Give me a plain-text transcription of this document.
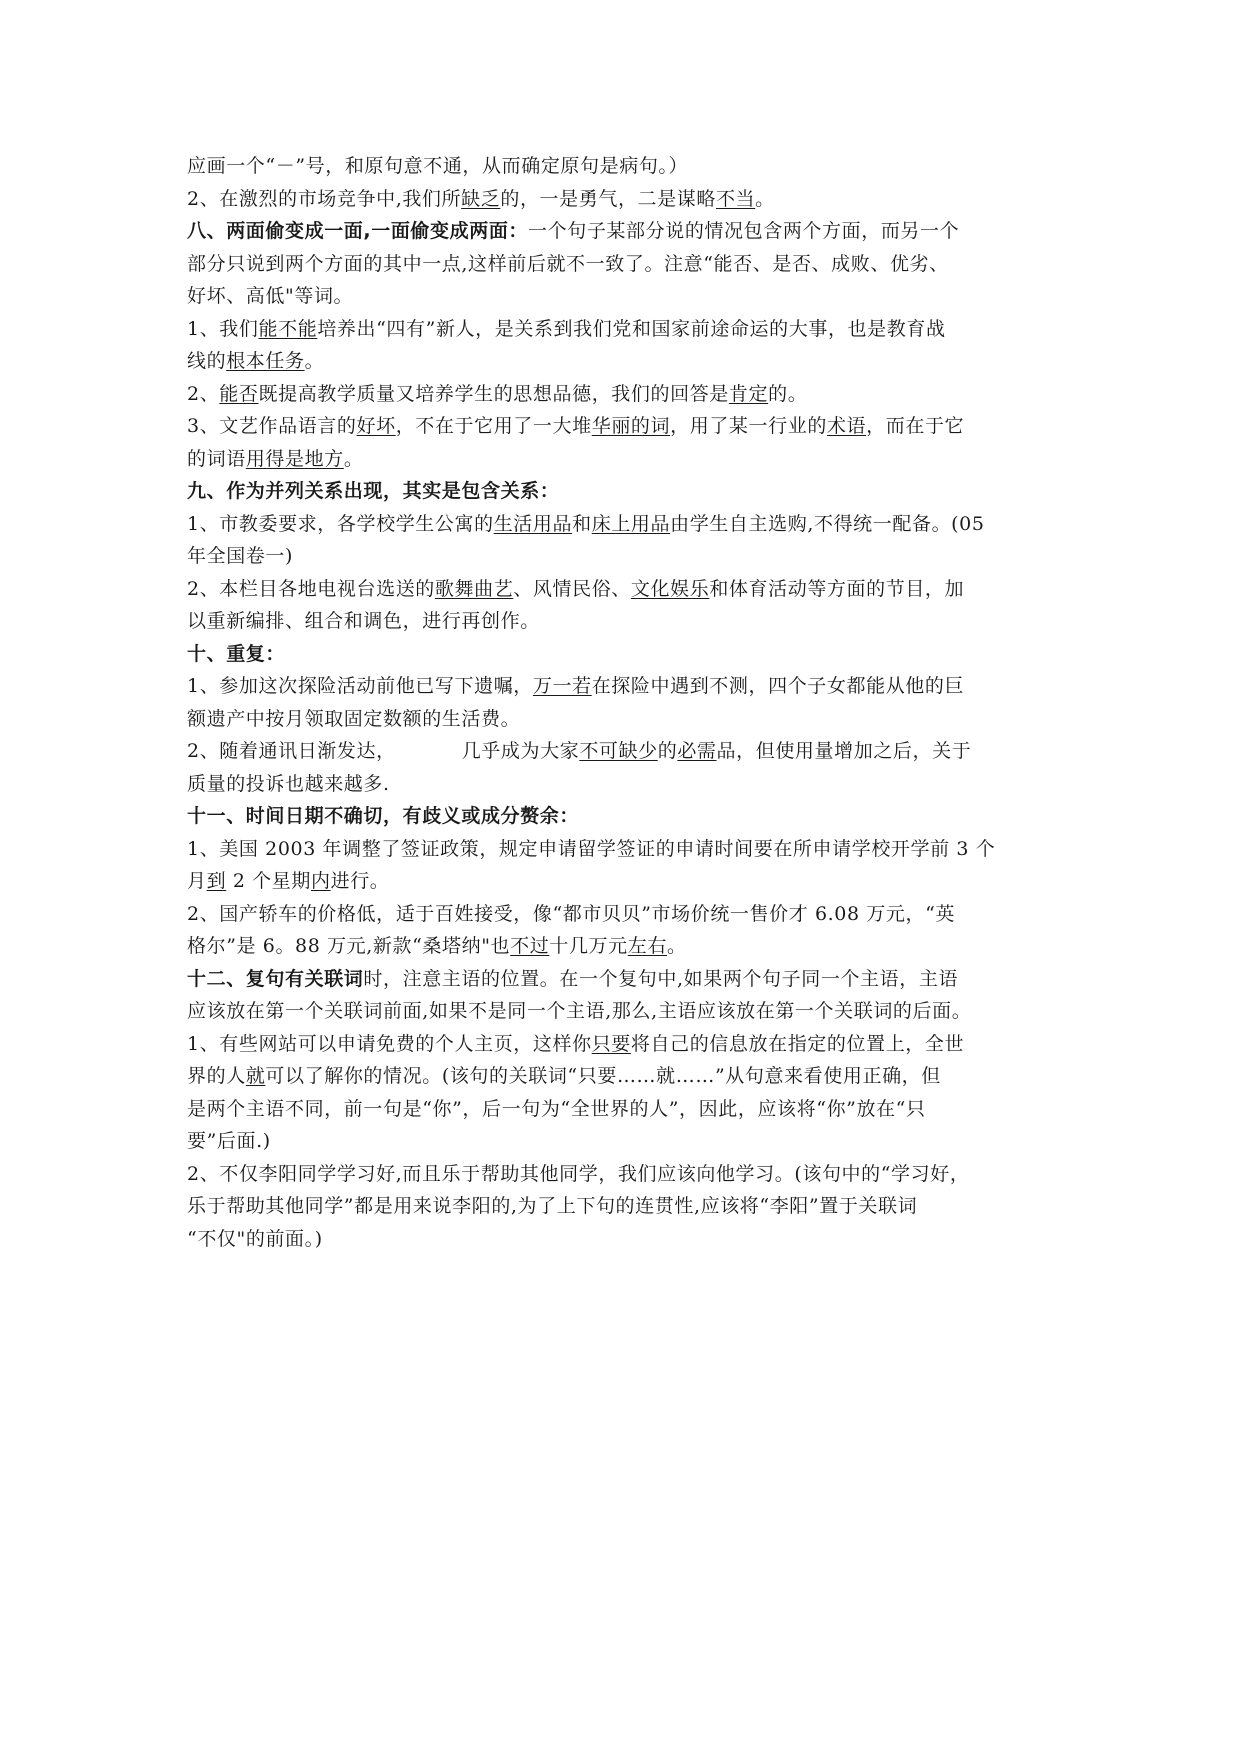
应画一个“－”号，和原句意不通，从而确定原句是病句。）
2、在激烈的市场竞争中,我们所缺乏的，一是勇气，二是谋略不当。
八、两面偷变成一面,一面偷变成两面：一个句子某部分说的情况包含两个方面，而另一个
部分只说到两个方面的其中一点,这样前后就不一致了。注意“能否、是否、成败、优劣、
好坏、高低"等词。
1、我们能不能培养出“四有”新人，是关系到我们党和国家前途命运的大事，也是教育战
线的根本任务。
2、能否既提高教学质量又培养学生的思想品德，我们的回答是肯定的。
3、文艺作品语言的好坏，不在于它用了一大堆华丽的词，用了某一行业的术语，而在于它
的词语用得是地方。
九、作为并列关系出现，其实是包含关系：
1、市教委要求，各学校学生公寓的生活用品和床上用品由学生自主选购,不得统一配备。(05
年全国卷一)
2、本栏目各地电视台选送的歌舞曲艺、风情民俗、文化娱乐和体育活动等方面的节目，加
以重新编排、组合和调色，进行再创作。
十、重复：
1、参加这次探险活动前他已写下遗嘱，万一若在探险中遇到不测，四个子女都能从他的巨
额遗产中按月领取固定数额的生活费。
2、随着通讯日渐发达，	几乎成为大家不可缺少的必需品，但使用量增加之后，关于
质量的投诉也越来越多.
十一、时间日期不确切，有歧义或成分赘余：
1、美国 2003 年调整了签证政策，规定申请留学签证的申请时间要在所申请学校开学前 3 个
月到 2 个星期内进行。
2、国产轿车的价格低，适于百姓接受，像“都市贝贝”市场价统一售价才 6.08 万元，“英
格尔”是 6。88 万元,新款“桑塔纳"也不过十几万元左右。
十二、复句有关联词时，注意主语的位置。在一个复句中,如果两个句子同一个主语，主语
应该放在第一个关联词前面,如果不是同一个主语,那么,主语应该放在第一个关联词的后面。
1、有些网站可以申请免费的个人主页，这样你只要将自己的信息放在指定的位置上，全世
界的人就可以了解你的情况。(该句的关联词“只要……就……”从句意来看使用正确，但
是两个主语不同，前一句是“你”，后一句为“全世界的人”，因此，应该将“你”放在“只
要”后面.)
2、不仅李阳同学学习好,而且乐于帮助其他同学，我们应该向他学习。(该句中的“学习好，
乐于帮助其他同学”都是用来说李阳的,为了上下句的连贯性,应该将“李阳”置于关联词
“不仅"的前面。)
